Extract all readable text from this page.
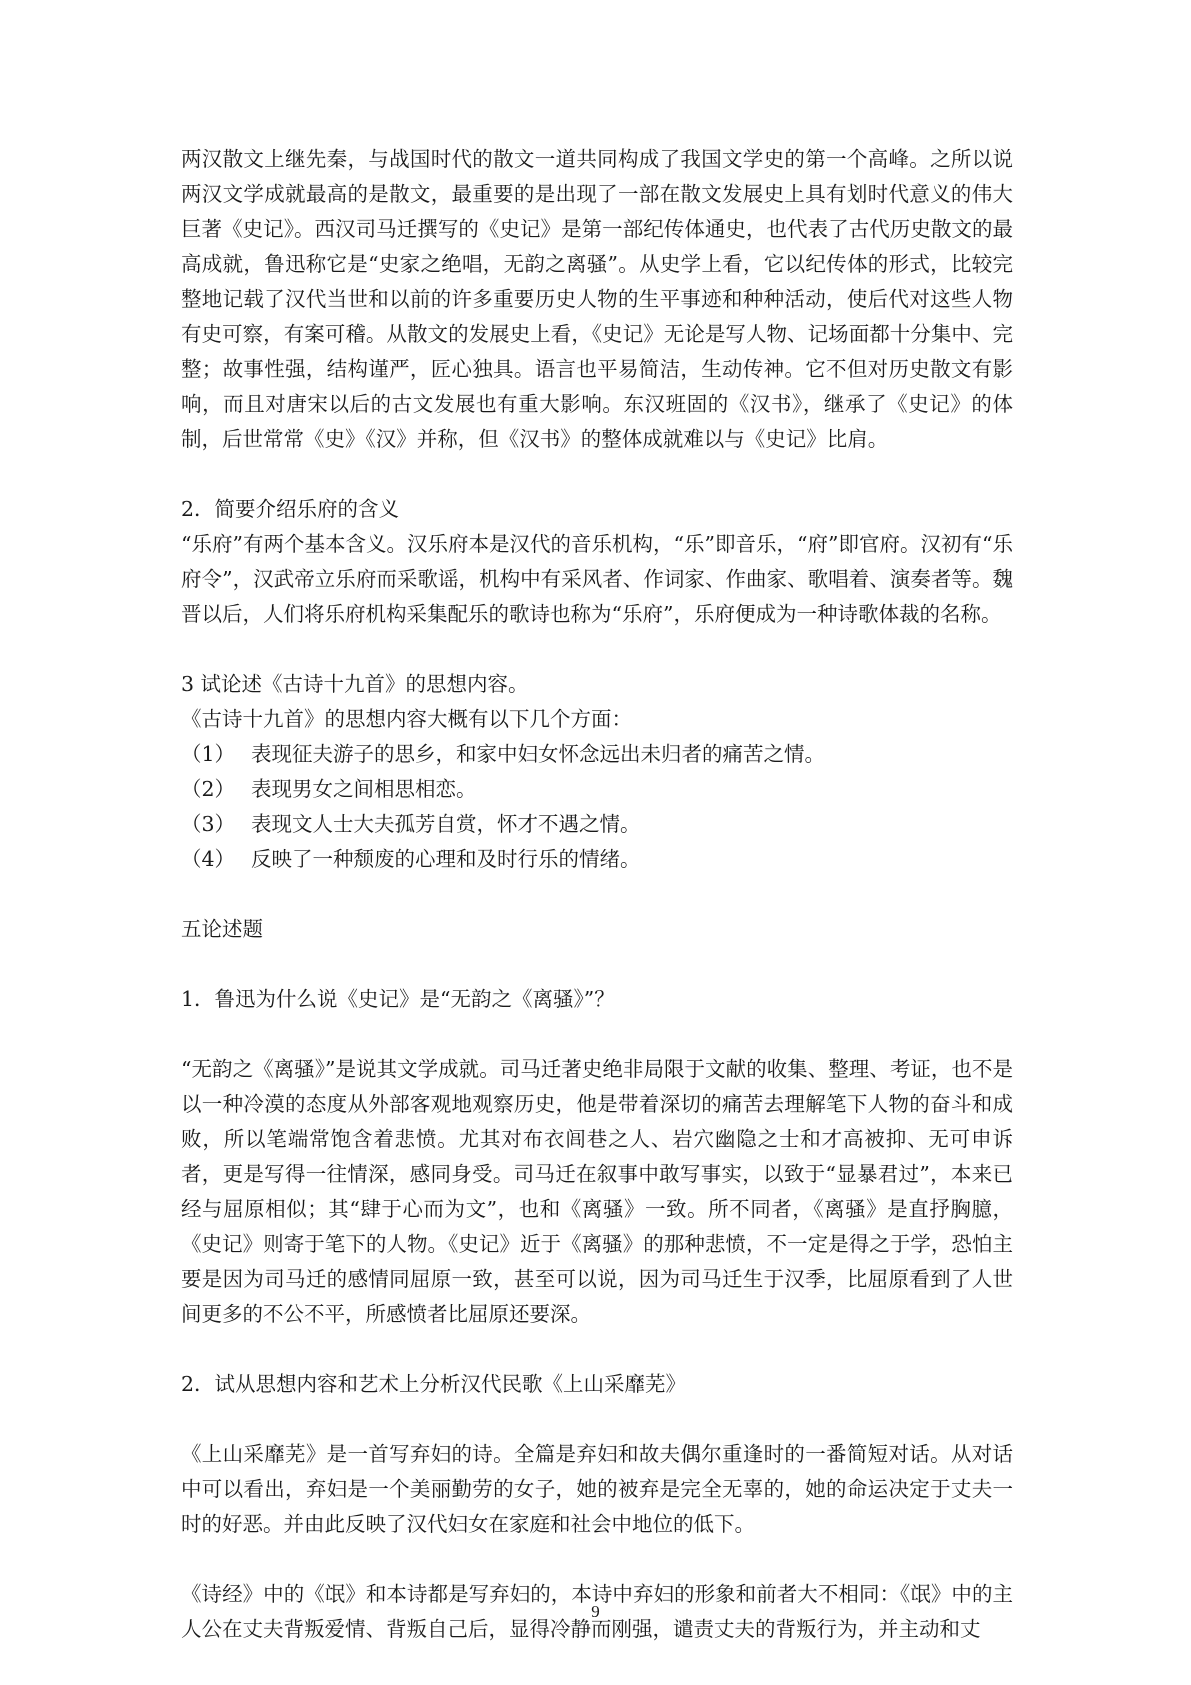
两汉散文上继先秦，与战国时代的散文一道共同构成了我国文学史的第一个高峰。之所以说两汉文学成就最高的是散文，最重要的是出现了一部在散文发展史上具有划时代意义的伟大巨著《史记》。西汉司马迁撰写的《史记》是第一部纪传体通史，也代表了古代历史散文的最高成就，鲁迅称它是“史家之绝唱，无韵之离骚”。从史学上看，它以纪传体的形式，比较完整地记载了汉代当世和以前的许多重要历史人物的生平事迹和种种活动，使后代对这些人物有史可察，有案可稽。从散文的发展史上看，《史记》无论是写人物、记场面都十分集中、完整；故事性强，结构谨严，匠心独具。语言也平易简洁，生动传神。它不但对历史散文有影响，而且对唐宋以后的古文发展也有重大影响。东汉班固的《汉书》，继承了《史记》的体制，后世常常《史》《汉》并称，但《汉书》的整体成就难以与《史记》比肩。

2．简要介绍乐府的含义

“乐府”有两个基本含义。汉乐府本是汉代的音乐机构，“乐”即音乐，“府”即官府。汉初有“乐府令”，汉武帝立乐府而采歌谣，机构中有采风者、作词家、作曲家、歌唱着、演奏者等。魏晋以后，人们将乐府机构采集配乐的歌诗也称为“乐府”，乐府便成为一种诗歌体裁的名称。

3 试论述《古诗十九首》的思想内容。

《古诗十九首》的思想内容大概有以下几个方面：

（1） 表现征夫游子的思乡，和家中妇女怀念远出未归者的痛苦之情。

（2） 表现男女之间相思相恋。

（3） 表现文人士大夫孤芳自赏，怀才不遇之情。

（4） 反映了一种颓废的心理和及时行乐的情绪。

五论述题

1．鲁迅为什么说《史记》是“无韵之《离骚》”？

“无韵之《离骚》”是说其文学成就。司马迁著史绝非局限于文献的收集、整理、考证，也不是以一种冷漠的态度从外部客观地观察历史，他是带着深切的痛苦去理解笔下人物的奋斗和成败，所以笔端常饱含着悲愤。尤其对布衣闾巷之人、岩穴幽隐之士和才高被抑、无可申诉者，更是写得一往情深，感同身受。司马迁在叙事中敢写事实，以致于“显暴君过”，本来已经与屈原相似；其“肆于心而为文”，也和《离骚》一致。所不同者，《离骚》是直抒胸臆，《史记》则寄于笔下的人物。《史记》近于《离骚》的那种悲愤，不一定是得之于学，恐怕主要是因为司马迁的感情同屈原一致，甚至可以说，因为司马迁生于汉季，比屈原看到了人世间更多的不公不平，所感愤者比屈原还要深。

2．试从思想内容和艺术上分析汉代民歌《上山采靡芜》

《上山采靡芜》是一首写弃妇的诗。全篇是弃妇和故夫偶尔重逢时的一番简短对话。从对话中可以看出，弃妇是一个美丽勤劳的女子，她的被弃是完全无辜的，她的命运决定于丈夫一时的好恶。并由此反映了汉代妇女在家庭和社会中地位的低下。

《诗经》中的《氓》和本诗都是写弃妇的，本诗中弃妇的形象和前者大不相同：《氓》中的主人公在丈夫背叛爱情、背叛自己后，显得冷静而刚强，谴责丈夫的背叛行为，并主动和丈

9
